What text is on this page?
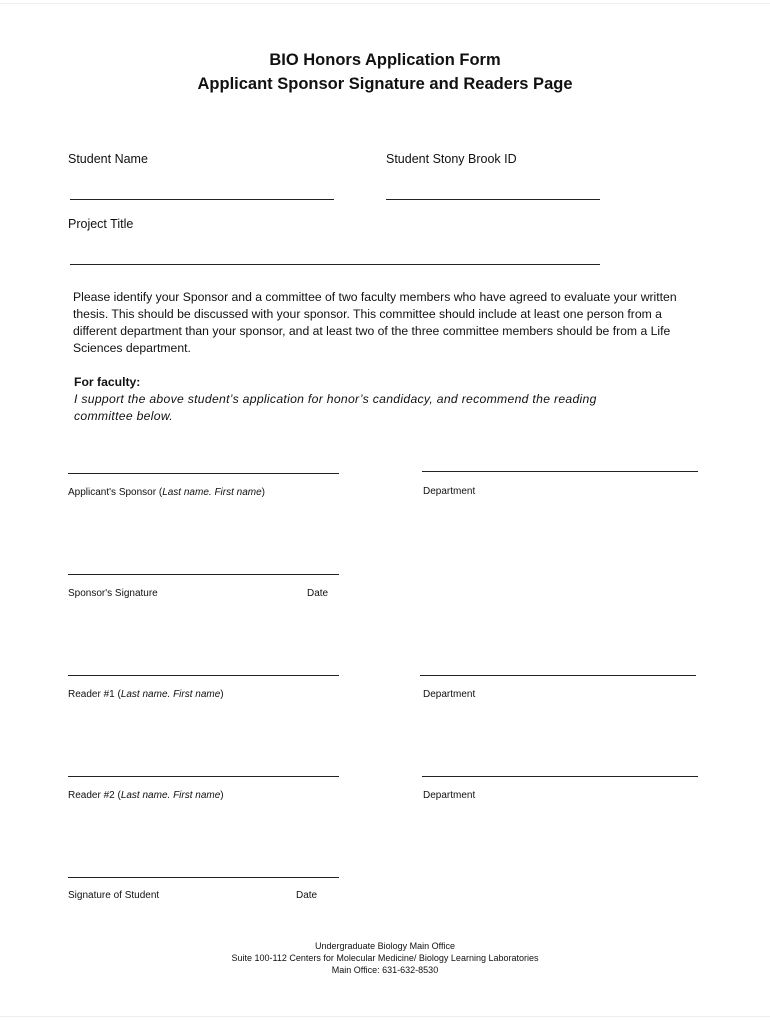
BIO Honors Application Form
Applicant Sponsor Signature and Readers Page
Student Name	Student Stony Brook ID
Project Title
Please identify your Sponsor and a committee of two faculty members who have agreed to evaluate your written thesis. This should be discussed with your sponsor. This committee should include at least one person from a different department than your sponsor, and at least two of the three committee members should be from a Life Sciences department.
For faculty:
I support the above student’s application for honor’s candidacy, and recommend the reading committee below.
Applicant's Sponsor (Last name. First name)	Department
Sponsor's Signature	Date
Reader #1 (Last name. First name)	Department
Reader #2 (Last name. First name)	Department
Signature of Student	Date
Undergraduate Biology Main Office
Suite 100-112 Centers for Molecular Medicine/ Biology Learning Laboratories
Main Office: 631-632-8530
